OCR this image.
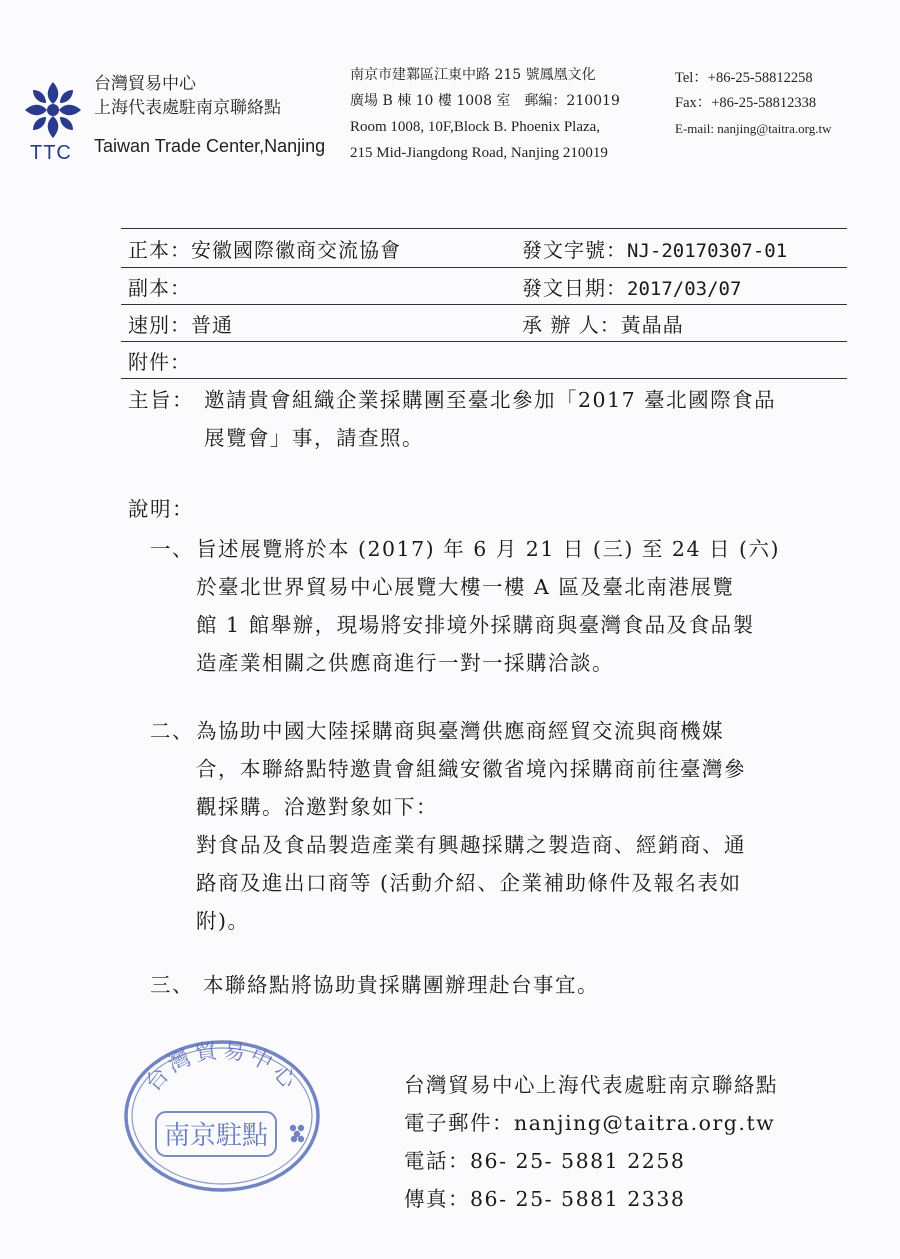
TTC
台灣貿易中心
上海代表處駐南京聯絡點
Taiwan Trade Center,Nanjing
南京市建鄴區江東中路 215 號鳳凰文化
廣場 B 棟 10 樓 1008 室　郵編：210019
Room 1008, 10F,Block B. Phoenix Plaza,
215 Mid-Jiangdong Road, Nanjing 210019
Tel：+86-25-58812258
Fax：+86-25-58812338
E-mail: nanjing@taitra.org.tw
正本：安徽國際徽商交流協會	發文字號：NJ-20170307-01
副本：	發文日期：2017/03/07
速別：普通	承 辦 人：黃晶晶
附件：
主旨： 邀請貴會組織企業採購團至臺北參加「2017 臺北國際食品
展覽會」事，請查照。
說明：
一、 旨述展覽將於本 (2017) 年 6 月 21 日 (三) 至 24 日 (六)
於臺北世界貿易中心展覽大樓一樓 A 區及臺北南港展覽
館 1 館舉辦，現場將安排境外採購商與臺灣食品及食品製
造產業相關之供應商進行一對一採購洽談。
二、 為協助中國大陸採購商與臺灣供應商經貿交流與商機媒
合，本聯絡點特邀貴會組織安徽省境內採購商前往臺灣參
觀採購。洽邀對象如下：
對食品及食品製造產業有興趣採購之製造商、經銷商、通
路商及進出口商等 (活動介紹、企業補助條件及報名表如
附)。
三、 本聯絡點將協助貴採購團辦理赴台事宜。
台灣貿易中心
南京駐點
台灣貿易中心上海代表處駐南京聯絡點
電子郵件：nanjing@taitra.org.tw
電話：86- 25- 5881 2258
傳真：86- 25- 5881 2338
